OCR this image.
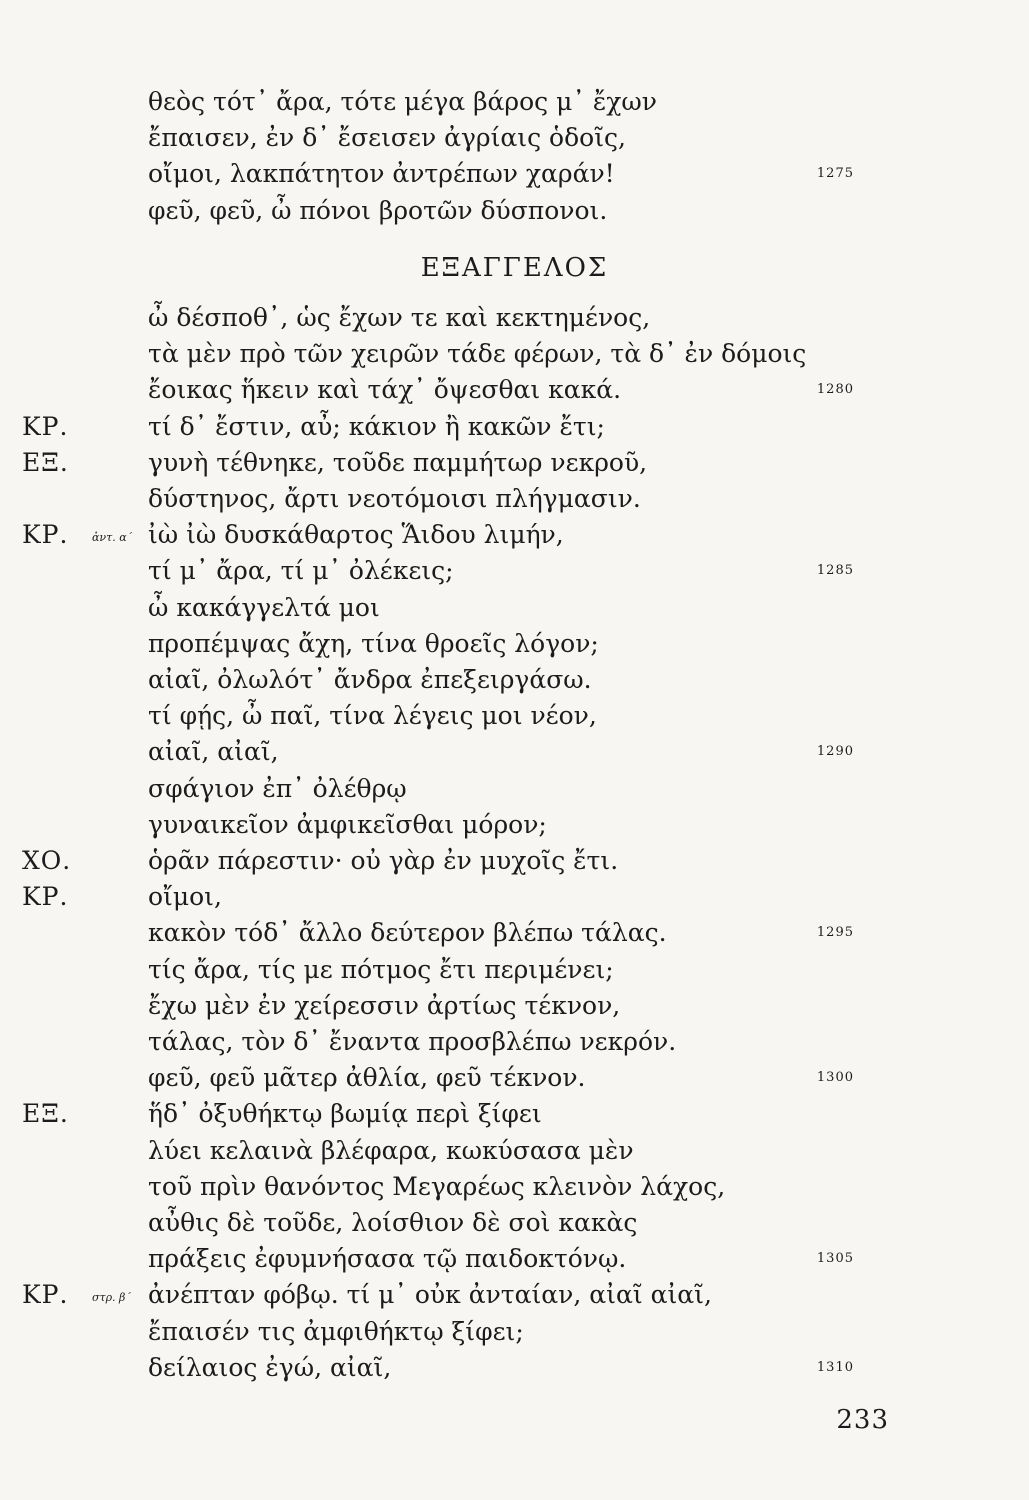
θεὸς τότ᾽ ἄρα, τότε μέγα βάρος μ᾽ ἔχων
ἔπαισεν, ἐν δ᾽ ἔσεισεν ἀγρίαις ὁδοῖς,
οἴμοι, λακπάτητον ἀντρέπων χαράν!	1275
φεῦ, φεῦ, ὦ πόνοι βροτῶν δύσπονοι.
ΕΞΑΓΓΕΛΟΣ
ὦ δέσποθ᾽, ὡς ἔχων τε καὶ κεκτημένος,
τὰ μὲν πρὸ τῶν χειρῶν τάδε φέρων, τὰ δ᾽ ἐν δόμοις
ἔοικας ἥκειν καὶ τάχ᾽ ὄψεσθαι κακά.	1280
ΚΡ.	τί δ᾽ ἔστιν, αὖ; κάκιον ἢ κακῶν ἔτι;
ΕΞ.	γυνὴ τέθνηκε, τοῦδε παμμήτωρ νεκροῦ,
δύστηνος, ἄρτι νεοτόμοισι πλήγμασιν.
ΚΡ. ἀντ. α´ ἰὼ ἰὼ δυσκάθαρτος Ἅιδου λιμήν,
τί μ᾽ ἄρα, τί μ᾽ ὀλέκεις;	1285
ὦ κακάγγελτά μοι
προπέμψας ἄχη, τίνα θροεῖς λόγον;
αἰαῖ, ὀλωλότ᾽ ἄνδρα ἐπεξειργάσω.
τί φῄς, ὦ παῖ, τίνα λέγεις μοι νέον,
αἰαῖ, αἰαῖ,	1290
σφάγιον ἐπ᾽ ὀλέθρῳ
γυναικεῖον ἀμφικεῖσθαι μόρον;
ΧΟ.	ὁρᾶν πάρεστιν· οὐ γὰρ ἐν μυχοῖς ἔτι.
ΚΡ.	οἴμοι,
κακὸν τόδ᾽ ἄλλο δεύτερον βλέπω τάλας.	1295
τίς ἄρα, τίς με πότμος ἔτι περιμένει;
ἔχω μὲν ἐν χείρεσσιν ἀρτίως τέκνον,
τάλας, τὸν δ᾽ ἔναντα προσβλέπω νεκρόν.
φεῦ, φεῦ μᾶτερ ἀθλία, φεῦ τέκνον.	1300
ΕΞ.	ἥδ᾽ ὀξυθήκτῳ βωμίᾳ περὶ ξίφει
λύει κελαινὰ βλέφαρα, κωκύσασα μὲν
τοῦ πρὶν θανόντος Μεγαρέως κλεινὸν λάχος,
αὖθις δὲ τοῦδε, λοίσθιον δὲ σοὶ κακὰς
πράξεις ἐφυμνήσασα τῷ παιδοκτόνῳ.	1305
ΚΡ. στρ. β´ ἀνέπταν φόβῳ. τί μ᾽ οὐκ ἀνταίαν, αἰαῖ αἰαῖ,
ἔπαισέν τις ἀμφιθήκτῳ ξίφει;
δείλαιος ἐγώ, αἰαῖ,	1310
233
